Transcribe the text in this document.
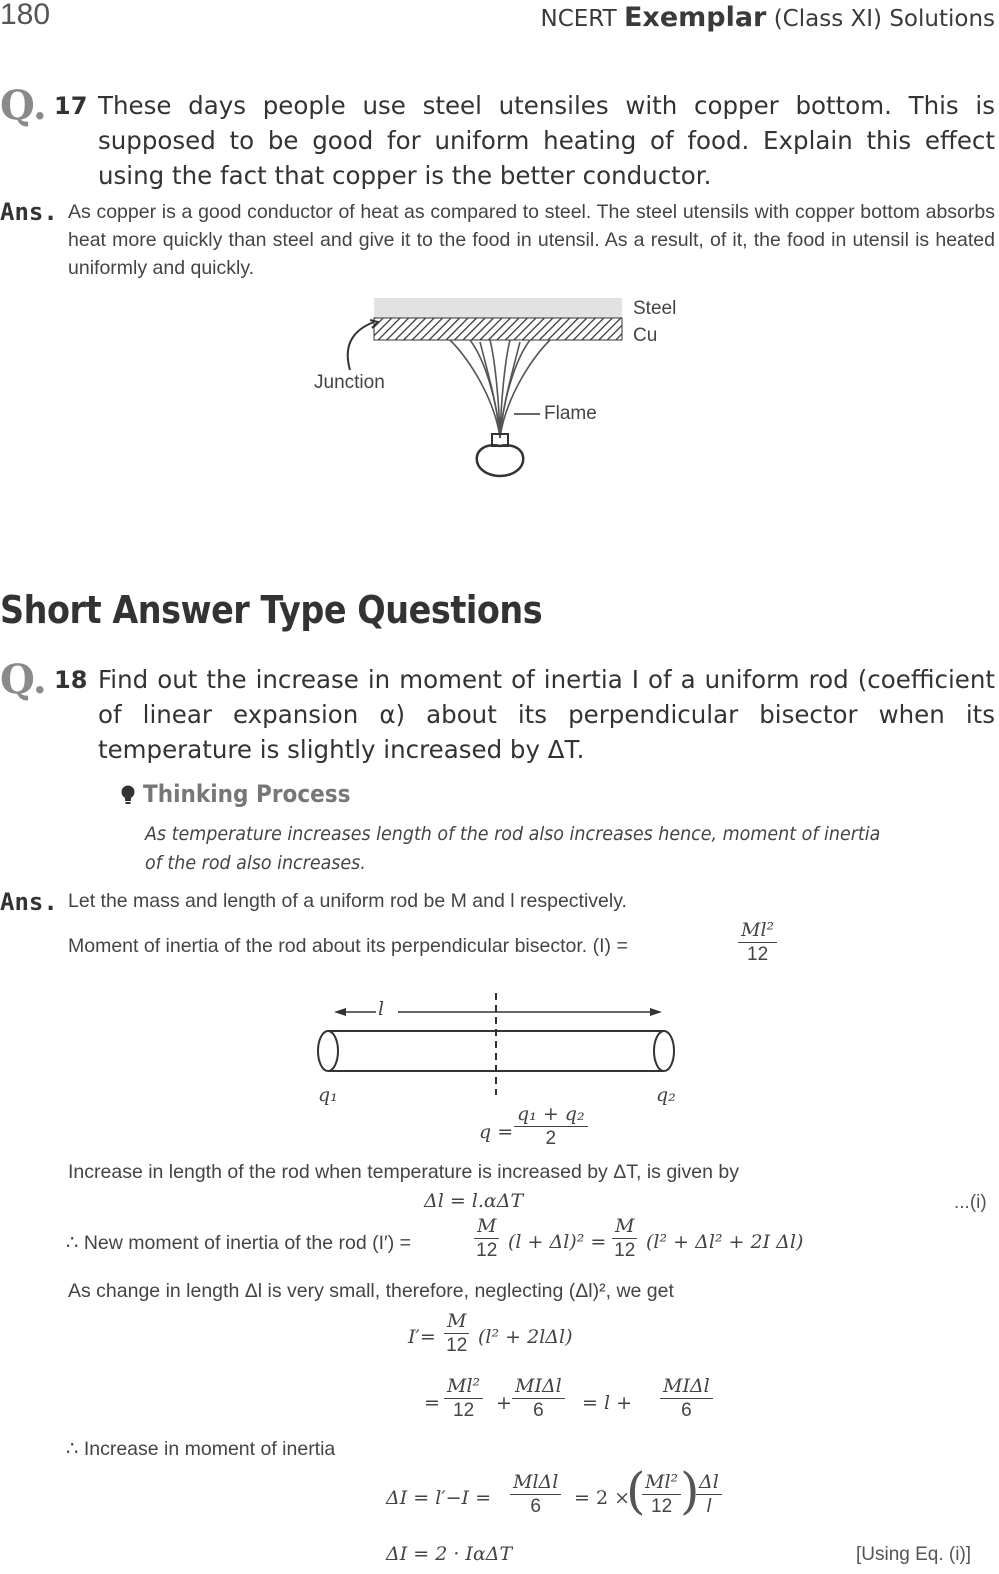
180	NCERT Exemplar (Class XI) Solutions
Q. 17 These days people use steel utensiles with copper bottom. This is supposed to be good for uniform heating of food. Explain this effect using the fact that copper is the better conductor.
Ans. As copper is a good conductor of heat as compared to steel. The steel utensils with copper bottom absorbs heat more quickly than steel and give it to the food in utensil. As a result, of it, the food in utensil is heated uniformly and quickly.
Steel
Cu
Junction
Flame
Short Answer Type Questions
Q. 18 Find out the increase in moment of inertia I of a uniform rod (coefficient of linear expansion α) about its perpendicular bisector when its temperature is slightly increased by ΔT.
Thinking Process
As temperature increases length of the rod also increases hence, moment of inertia
of the rod also increases.
Ans. Let the mass and length of a uniform rod be M and l respectively.
Moment of inertia of the rod about its perpendicular bisector. (I) =	$\frac{\text{Ml²}}{12}$
l
q₁	q₂
$q = \frac{\text{q₁ + q₂}}{2}$
Increase in length of the rod when temperature is increased by ΔT, is given by
Δl = l.αΔT	...(i)
∴ New moment of inertia of the rod (I′) =	$\frac{M}{12} (l + \Delta l)^2 = \frac{M}{12} (l^2 + \Delta l^2 + 2I$ Δl)
As change in length Δl is very small, therefore, neglecting (Δl)², we get
$I'= \frac{M}{12} (l^2 + 2l\Delta l)$
= $\frac{\text{Ml²}}{12}$ +
MIΔl
6	= l +
MIΔl
6
∴ Increase in moment of inertia
ΔI = l′−I =
MlΔl
6	= 2 ×
(
$\frac{\text{Ml²}}{12}$
)
$\frac{\Delta l}{l}$
ΔI = 2 · IαΔT	[Using Eq. (i)]
